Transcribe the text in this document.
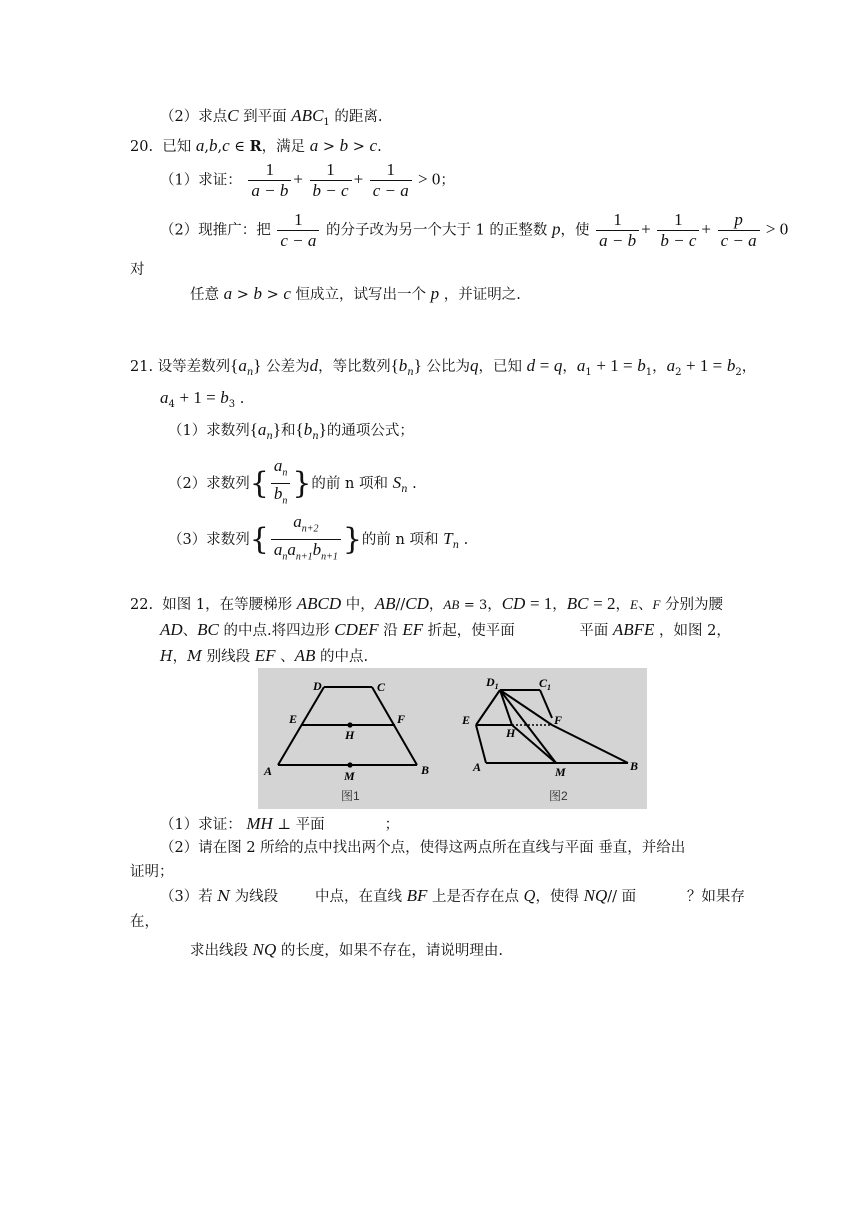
（2）求点C 到平面 $ABC_1$ 的距离.
20.  已知 a,b,c ∈ R，满足 a > b > c.
（1）求证： $\frac{1}{a - b} + \frac{1}{b - c} + \frac{1}{c - a} > 0$；
（2）现推广：把 $\frac{1}{c - a}$ 的分子改为另一个大于 1 的正整数 p，使 $\frac{1}{a - b} + \frac{1}{b - c} + \frac{p}{c - a} > 0$
对
任意 a > b > c 恒成立，试写出一个 p ，并证明之.
21. 设等差数列$\{a_n\}$ 公差为d，等比数列$\{b_n\}$ 公比为q，已知 d = q，$a_1 + 1 = b_1$，$a_2 + 1 = b_2$，
$a_4 + 1 = b_3$ .
（1）求数列$\{a_n\}$和$\{b_n\}$的通项公式；
（2）求数列{ $\frac{a_n}{b_n}$ }的前 n 项和 $S_n$ .
（3）求数列{ $\frac{a_{n+2}}{a_na_{n+1}b_{n+1}}$ }的前 n 项和 $T_n$ .
22.  如图 1，在等腰梯形 ABCD 中，AB//CD，AB = 3，CD = 1，BC = 2，E、F 分别为腰
AD、BC 的中点.将四边形 CDEF 沿 EF 折起，使平面              平面 ABFE ，如图 2，
H，M 别线段 EF 、AB 的中点.
D	C
E	F
H
A	M	B
图1
$D_1$	$C_1$
E	F
H
A	M	B
图2
（1）求证： MH ⊥ 平面             ；
（2）请在图 2 所给的点中找出两个点，使得这两点所在直线与平面 垂直，并给出
证明；
（3）若 N 为线段        中点，在直线 BF 上是否存在点 Q，使得 NQ// 面           ？如果存
在，
求出线段 NQ 的长度，如果不存在，请说明理由.
